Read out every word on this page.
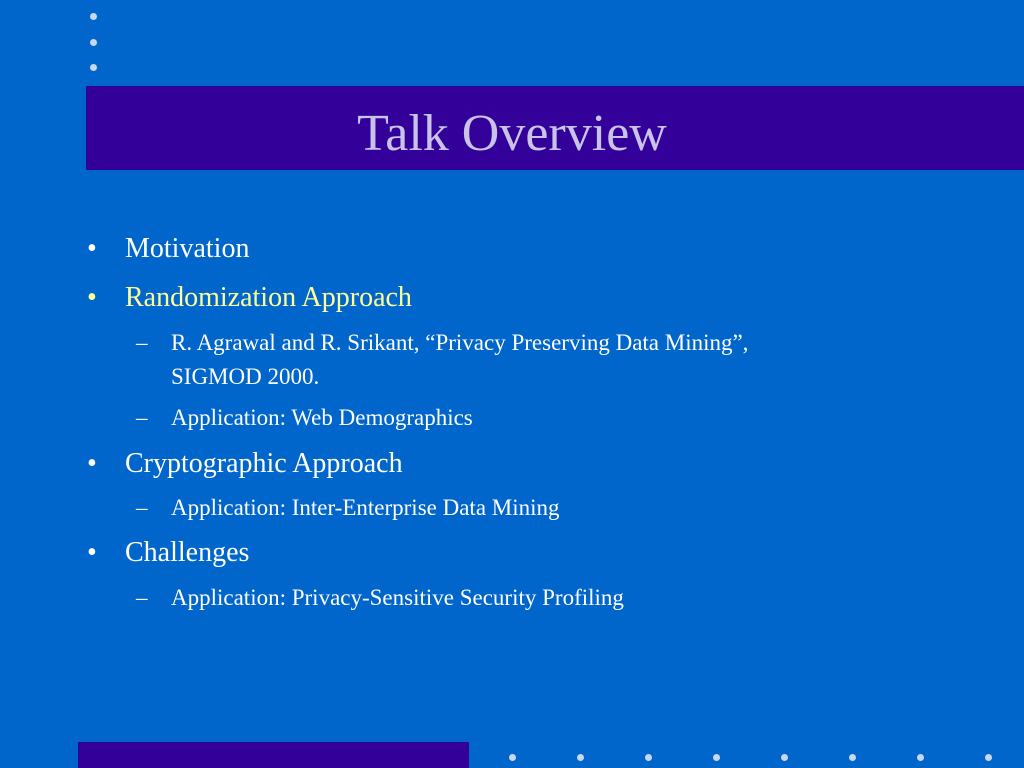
Talk Overview
• Motivation
• Randomization Approach
– R. Agrawal and R. Srikant, “Privacy Preserving Data Mining”,
SIGMOD 2000.
– Application: Web Demographics
• Cryptographic Approach
– Application: Inter-Enterprise Data Mining
• Challenges
– Application: Privacy-Sensitive Security Profiling
